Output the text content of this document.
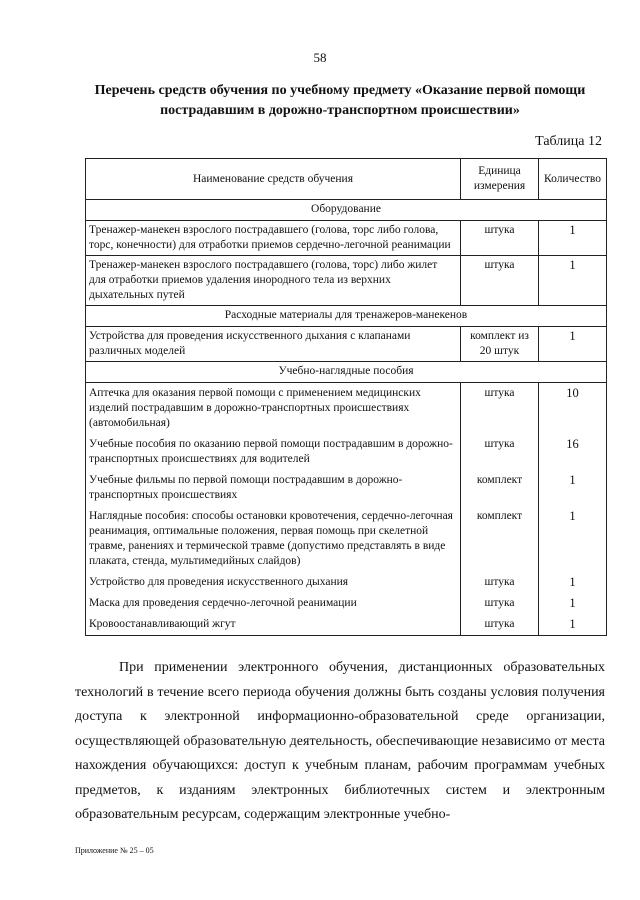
58
Перечень средств обучения по учебному предмету «Оказание первой помощи пострадавшим в дорожно-транспортном происшествии»
Таблица 12
Наименование средств обучения	Единица измерения	Количество
Оборудование		
Тренажер-манекен взрослого пострадавшего (голова, торс либо голова, торс, конечности) для отработки приемов сердечно-легочной реанимации	штука	1
Тренажер-манекен взрослого пострадавшего (голова, торс) либо жилет для отработки приемов удаления инородного тела из верхних дыхательных путей	штука	1
Расходные материалы для тренажеров-манекенов		
Устройства для проведения искусственного дыхания с клапанами различных моделей	комплект из 20 штук	1
Учебно-наглядные пособия		
Аптечка для оказания первой помощи с применением медицинских изделий пострадавшим в дорожно-транспортных происшествиях (автомобильная)	штука	10
Учебные пособия по оказанию первой помощи пострадавшим в дорожно-транспортных происшествиях для водителей	штука	16
Учебные фильмы по первой помощи пострадавшим в дорожно-транспортных происшествиях	комплект	1
Наглядные пособия: способы остановки кровотечения, сердечно-легочная реанимация, оптимальные положения, первая помощь при скелетной травме, ранениях и термической травме (допустимо представлять в виде плаката, стенда, мультимедийных слайдов)	комплект	1
Устройство для проведения искусственного дыхания	штука	1
Маска для проведения сердечно-легочной реанимации	штука	1
Кровоостанавливающий жгут	штука	1
При применении электронного обучения, дистанционных образовательных технологий в течение всего периода обучения должны быть созданы условия получения доступа к электронной информационно-образовательной среде организации, осуществляющей образовательную деятельность, обеспечивающие независимо от места нахождения обучающихся: доступ к учебным планам, рабочим программам учебных предметов, к изданиям электронных библиотечных систем и электронным образовательным ресурсам, содержащим электронные учебно-
Приложение № 25 – 05
